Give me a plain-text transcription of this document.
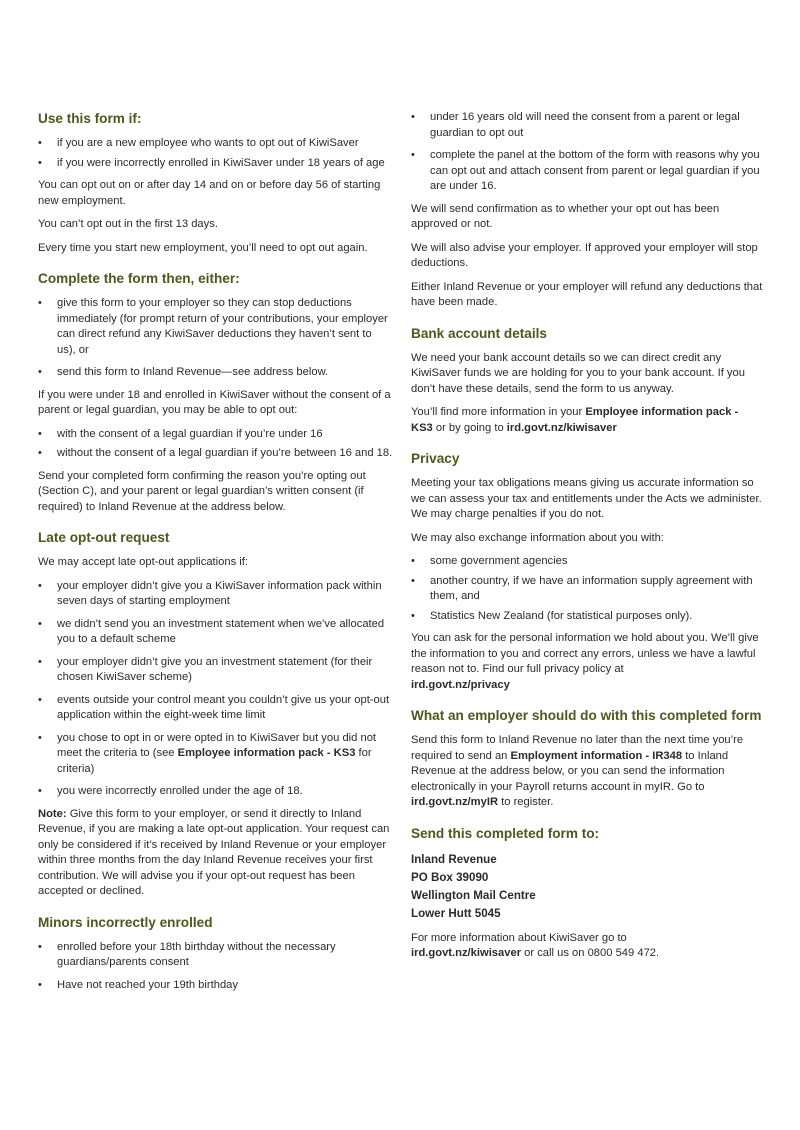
Use this form if:
• if you are a new employee who wants to opt out of KiwiSaver
• if you were incorrectly enrolled in KiwiSaver under 18 years of age

You can opt out on or after day 14 and on or before day 56 of starting new employment.

You can’t opt out in the first 13 days.

Every time you start new employment, you’ll need to opt out again.

Complete the form then, either:
• give this form to your employer so they can stop deductions immediately (for prompt return of your contributions, your employer can direct refund any KiwiSaver deductions they haven’t sent to us), or
• send this form to Inland Revenue—see address below.

If you were under 18 and enrolled in KiwiSaver without the consent of a parent or legal guardian, you may be able to opt out:

• with the consent of a legal guardian if you’re under 16
• without the consent of a legal guardian if you’re between 16 and 18.

Send your completed form confirming the reason you’re opting out (Section C), and your parent or legal guardian’s written consent (if required) to Inland Revenue at the address below.

Late opt-out request

We may accept late opt-out applications if:

• your employer didn’t give you a KiwiSaver information pack within seven days of starting employment
• we didn’t send you an investment statement when we’ve allocated you to a default scheme
• your employer didn’t give you an investment statement (for their chosen KiwiSaver scheme)
• events outside your control meant you couldn’t give us your opt-out application within the eight-week time limit
• you chose to opt in or were opted in to KiwiSaver but you did not meet the criteria to (see Employee information pack - KS3 for criteria)
• you were incorrectly enrolled under the age of 18.

Note: Give this form to your employer, or send it directly to Inland Revenue, if you are making a late opt-out application. Your request can only be considered if it’s received by Inland Revenue or your employer within three months from the day Inland Revenue receives your first contribution. We will advise you if your opt-out request has been accepted or declined.

Minors incorrectly enrolled
• enrolled before your 18th birthday without the necessary guardians/parents consent
• Have not reached your 19th birthday
• under 16 years old will need the consent from a parent or legal guardian to opt out
• complete the panel at the bottom of the form with reasons why you can opt out and attach consent from parent or legal guardian if you are under 16.

We will send confirmation as to whether your opt out has been approved or not.

We will also advise your employer. If approved your employer will stop deductions.

Either Inland Revenue or your employer will refund any deductions that have been made.

Bank account details

We need your bank account details so we can direct credit any KiwiSaver funds we are holding for you to your bank account. If you don’t have these details, send the form to us anyway.

You’ll find more information in your Employee information pack - KS3 or by going to ird.govt.nz/kiwisaver

Privacy

Meeting your tax obligations means giving us accurate information so we can assess your tax and entitlements under the Acts we administer. We may charge penalties if you do not.

We may also exchange information about you with:

• some government agencies
• another country, if we have an information supply agreement with them, and
• Statistics New Zealand (for statistical purposes only).

You can ask for the personal information we hold about you. We’ll give the information to you and correct any errors, unless we have a lawful reason not to. Find our full privacy policy at
ird.govt.nz/privacy

What an employer should do with this completed form

Send this form to Inland Revenue no later than the next time you’re required to send an Employment information - IR348 to Inland Revenue at the address below, or you can send the information electronically in your Payroll returns account in myIR. Go to ird.govt.nz/myIR to register.

Send this completed form to:

Inland Revenue

PO Box 39090

Wellington Mail Centre

Lower Hutt 5045

For more information about KiwiSaver go to
ird.govt.nz/kiwisaver or call us on 0800 549 472.
